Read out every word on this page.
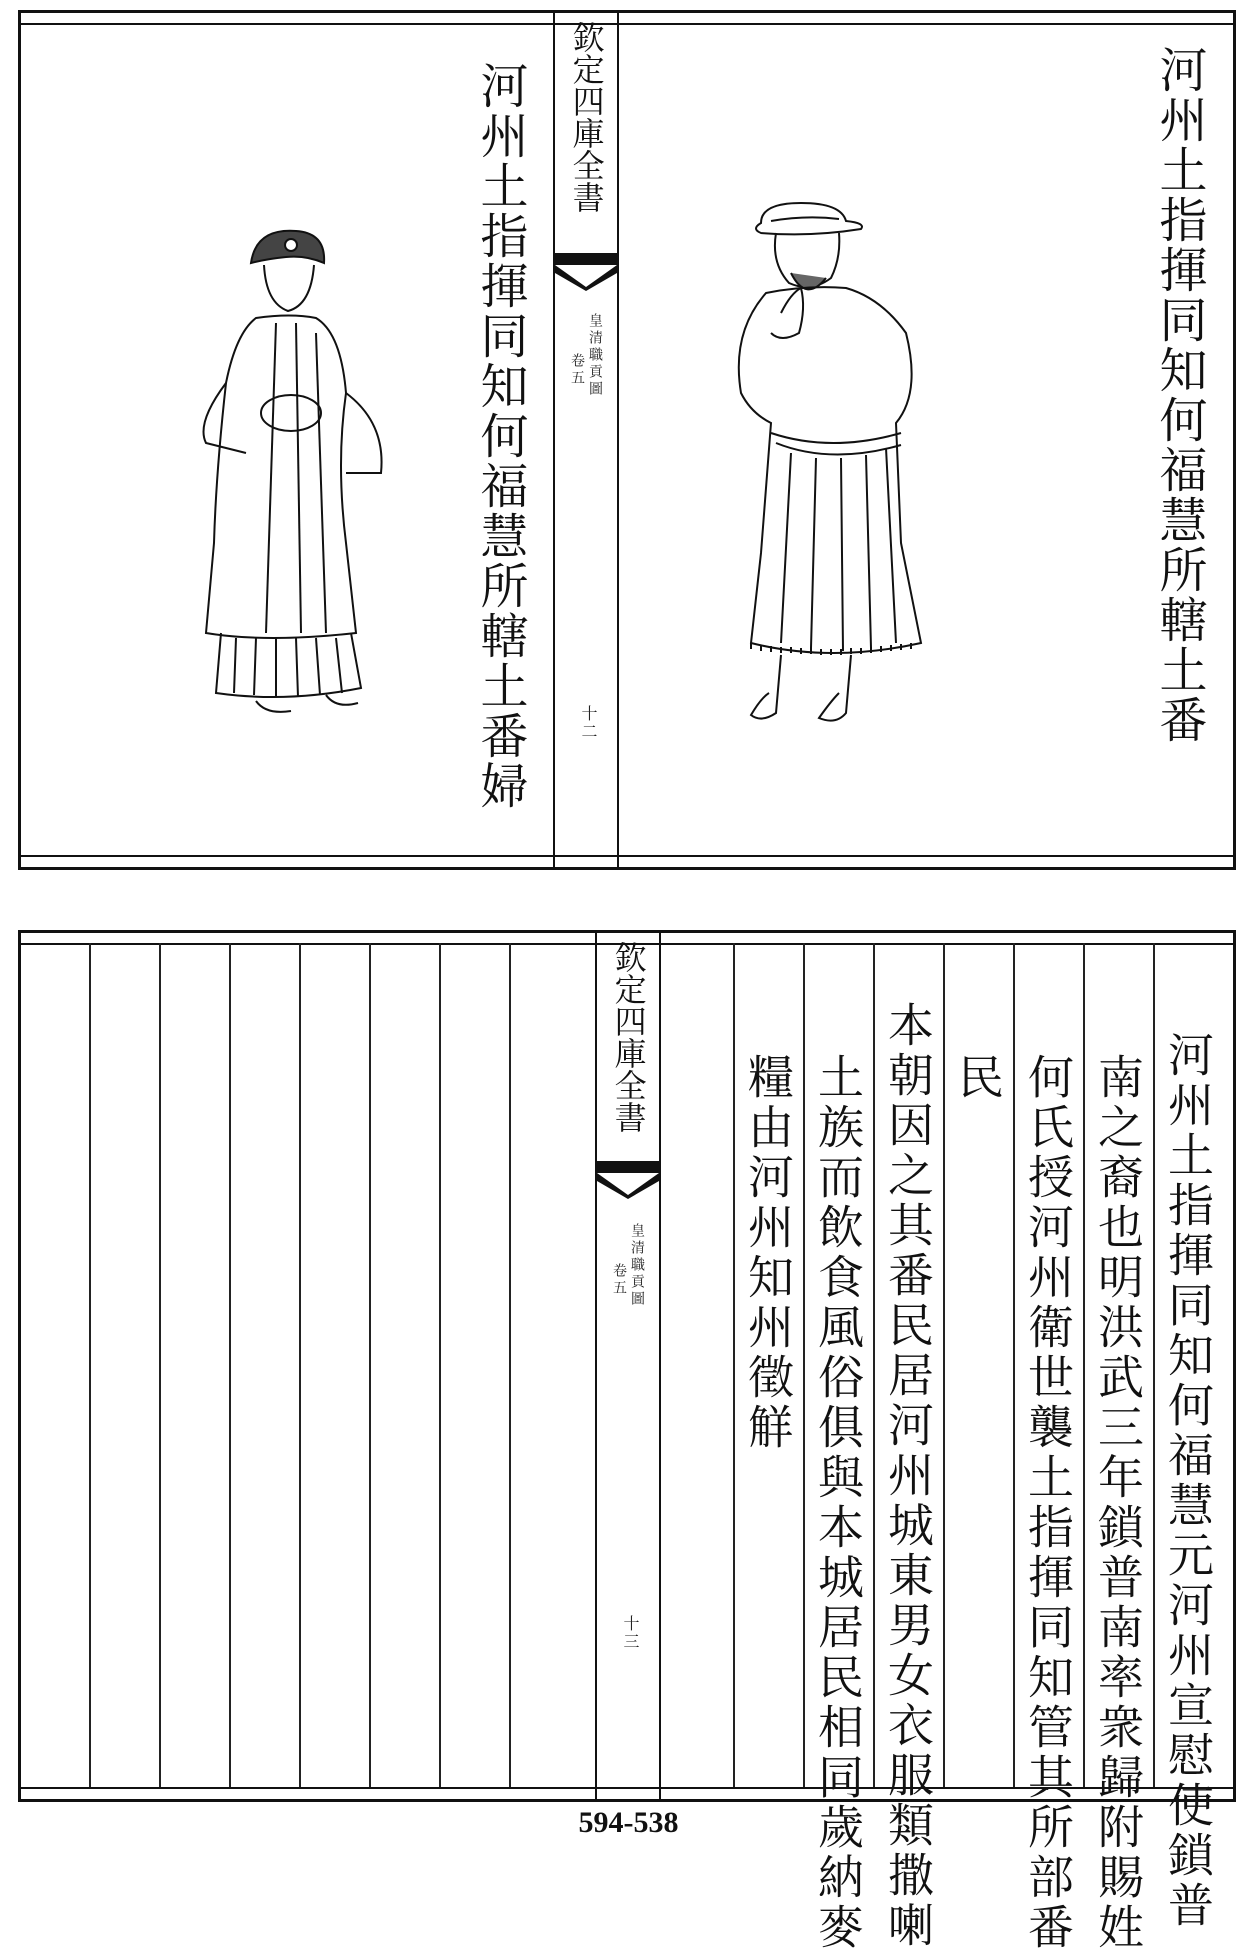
河州土指揮同知何福慧所轄土番
河州土指揮同知何福慧所轄土番婦 欽定四庫全書
皇清職貢圖
卷五
十二
欽定四庫全書
皇清職貢圖
卷五
十三	河州土指揮同知何福慧元河州宣慰使鎖普
南之裔也明洪武三年鎖普南率衆歸附賜姓
何氏授河州衛世襲土指揮同知管其所部番
民
本朝因之其番民居河州城東男女衣服類撒喇
土族而飲食風俗俱與本城居民相同歲納麥
糧由河州知州徵觧
594-538
